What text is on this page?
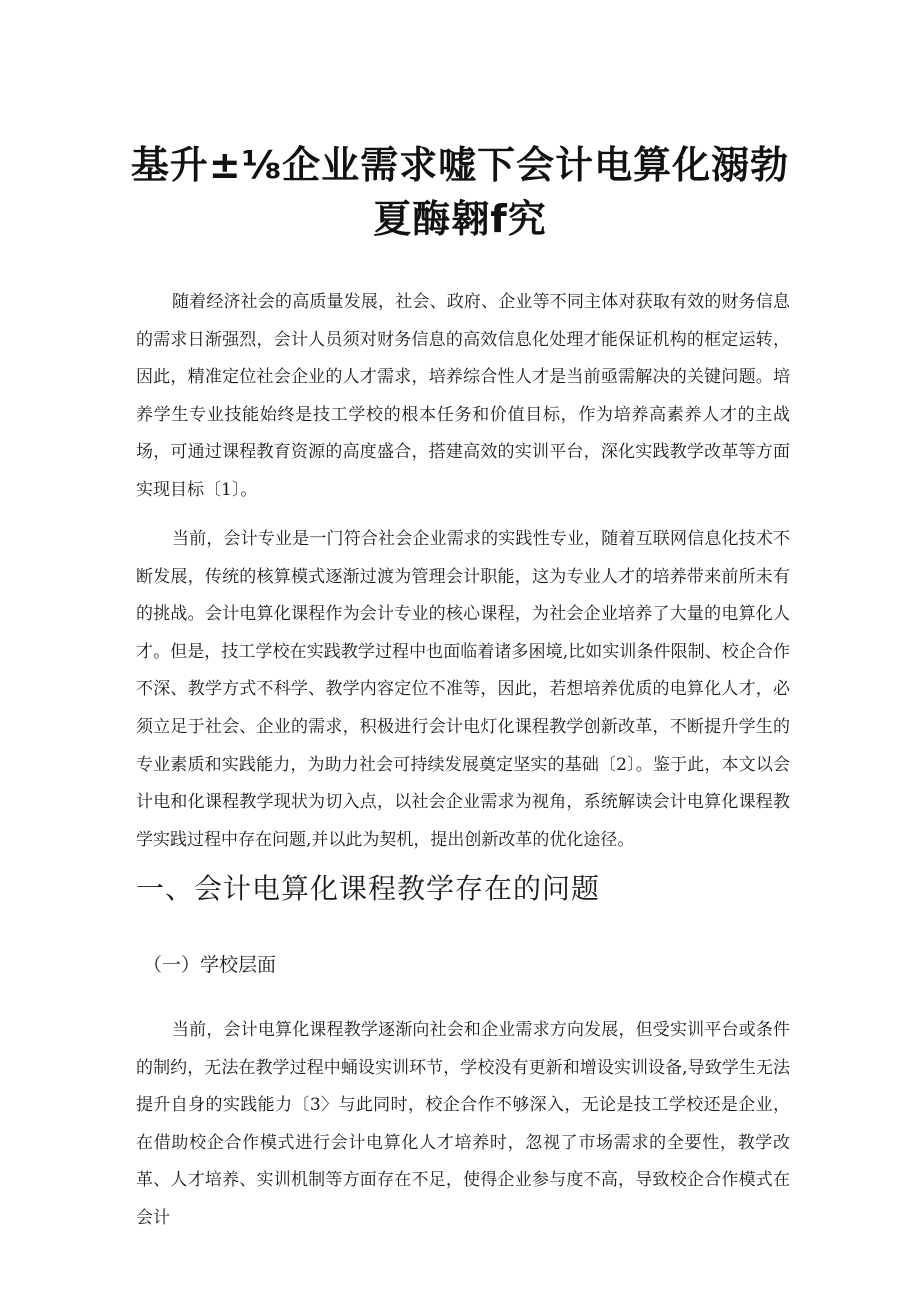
基升±⅛企业需求嘘下会计电算化溺勃
夏酶翱f究

随着经济社会的高质量发展，社会、政府、企业等不同主体对获取有效的财务信息的需求日渐强烈，会计人员须对财务信息的高效信息化处理才能保证机构的框定运转，因此，精准定位社会企业的人才需求，培养综合性人才是当前亟需解决的关键问题。培养学生专业技能始终是技工学校的根本任务和价值目标，作为培养高素养人才的主战场，可通过课程教育资源的高度盛合，搭建高效的实训平台，深化实践教学改革等方面实现目标〔1〕。

当前，会计专业是一门符合社会企业需求的实践性专业，随着互联网信息化技术不断发展，传统的核算模式逐渐过渡为管理会计职能，这为专业人才的培养带来前所未有的挑战。会计电算化课程作为会计专业的核心课程，为社会企业培养了大量的电算化人才。但是，技工学校在实践教学过程中也面临着诸多困境,比如实训条件限制、校企合作不深、教学方式不科学、教学内容定位不准等，因此，若想培养优质的电算化人才，必须立足于社会、企业的需求，积极进行会计电灯化课程教学创新改革，不断提升学生的专业素质和实践能力，为助力社会可持续发展奠定坚实的基础〔2〕。鉴于此，本文以会计电和化课程教学现状为切入点，以社会企业需求为视角，系统解读会计电算化课程教学实践过程中存在问题,并以此为契机，提出创新改革的优化途径。

一、会计电算化课程教学存在的问题
（一）学校层面

当前，会计电算化课程教学逐渐向社会和企业需求方向发展，但受实训平台或条件的制约，无法在教学过程中蛹设实训环节，学校没有更新和增设实训设备,导致学生无法提升自身的实践能力〔3〉与此同时，校企合作不够深入，无论是技工学校还是企业，在借助校企合作模式进行会计电算化人才培养时，忽视了市场需求的全要性，教学改革、人才培养、实训机制等方面存在不足，使得企业参与度不高，导致校企合作模式在会计
